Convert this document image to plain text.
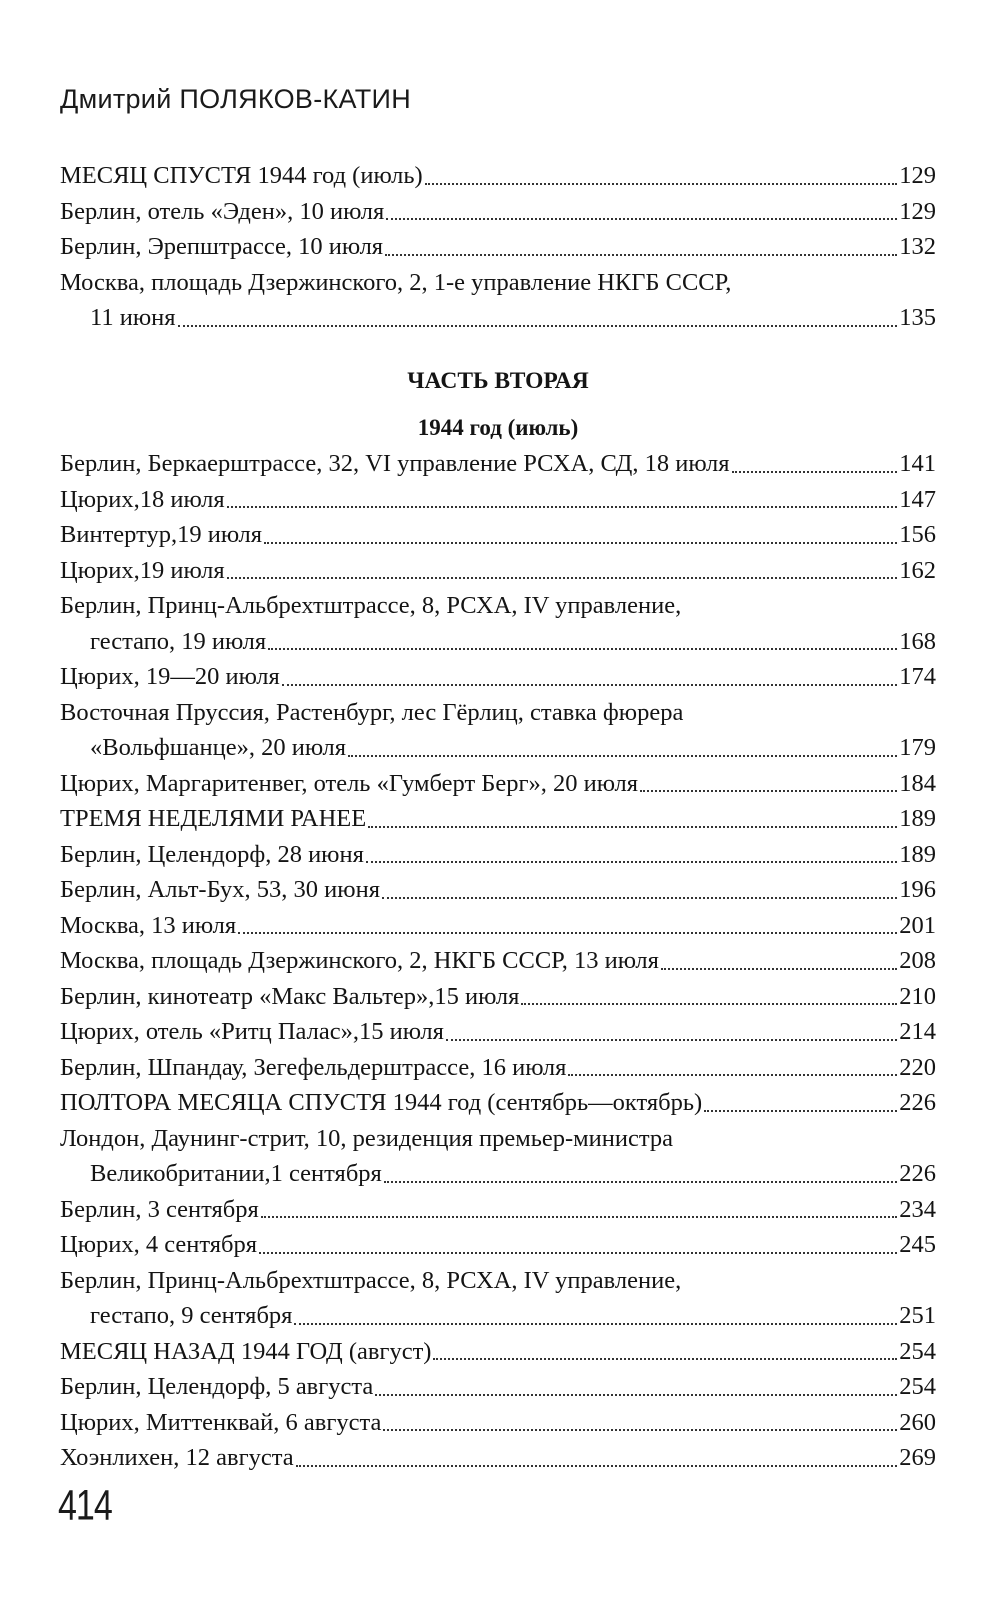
Дмитрий ПОЛЯКОВ-КАТИН
МЕСЯЦ СПУСТЯ 1944 год (июль)	129
Берлин, отель «Эден», 10 июля	129
Берлин, Эрепштрассе, 10 июля	132
Москва, площадь Дзержинского, 2, 1-е управление НКГБ СССР,
11 июня	135
ЧАСТЬ ВТОРАЯ
1944 год (июль)
Берлин, Беркаерштрассе, 32, VI управление РСХА, СД, 18 июля	141
Цюрих,18 июля	147
Винтертур,19 июля	156
Цюрих,19 июля	162
Берлин, Принц-Альбрехтштрассе, 8, РСХА, IV управление,
гестапо, 19 июля	168
Цюрих, 19—20 июля	174
Восточная Пруссия, Растенбург, лес Гёрлиц, ставка фюрера
«Вольфшанце», 20 июля	179
Цюрих, Маргаритенвег, отель «Гумберт Берг», 20 июля	184
ТРЕМЯ НЕДЕЛЯМИ РАНЕЕ	189
Берлин, Целендорф, 28 июня	189
Берлин, Альт-Бух, 53, 30 июня	196
Москва, 13 июля	201
Москва, площадь Дзержинского, 2, НКГБ СССР, 13 июля	208
Берлин, кинотеатр «Макс Вальтер»,15 июля	210
Цюрих, отель «Ритц Палас»,15 июля	214
Берлин, Шпандау, Зегефельдерштрассе, 16 июля	220
ПОЛТОРА МЕСЯЦА СПУСТЯ 1944 год (сентябрь—октябрь)	226
Лондон, Даунинг-стрит, 10, резиденция премьер-министра
Великобритании,1 сентября	226
Берлин, 3 сентября	234
Цюрих, 4 сентября	245
Берлин, Принц-Альбрехтштрассе, 8, РСХА, IV управление,
гестапо, 9 сентября	251
МЕСЯЦ НАЗАД 1944 ГОД (август)	254
Берлин, Целендорф, 5 августа	254
Цюрих, Миттенквай, 6 августа	260
Хоэнлихен, 12 августа	269
414
